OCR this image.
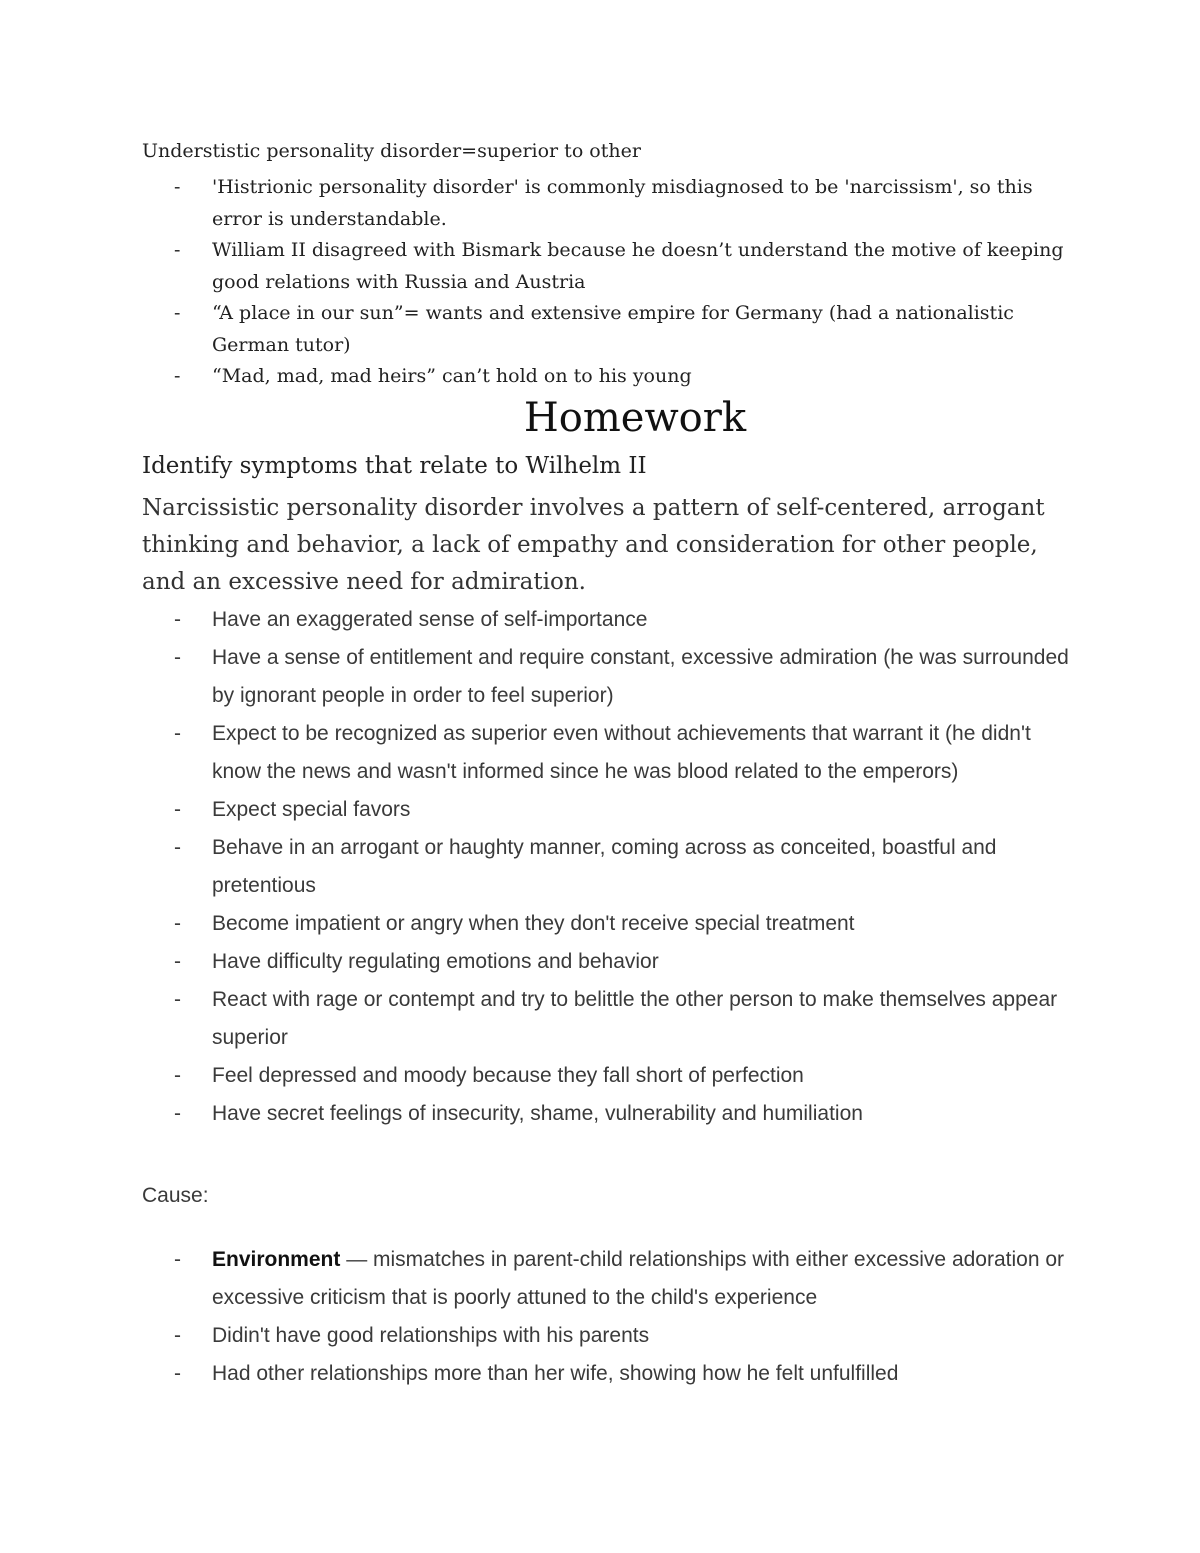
Understistic personality disorder=superior to other
- 'Histrionic personality disorder' is commonly misdiagnosed to be 'narcissism', so this error is understandable.
- William II disagreed with Bismark because he doesn’t understand the motive of keeping good relations with Russia and Austria
- “A place in our sun”= wants and extensive empire for Germany (had a nationalistic German tutor)
- “Mad, mad, mad heirs” can’t hold on to his young
Homework
Identify symptoms that relate to Wilhelm II
Narcissistic personality disorder involves a pattern of self-centered, arrogant thinking and behavior, a lack of empathy and consideration for other people, and an excessive need for admiration.
- Have an exaggerated sense of self-importance
- Have a sense of entitlement and require constant, excessive admiration (he was surrounded by ignorant people in order to feel superior)
- Expect to be recognized as superior even without achievements that warrant it (he didn't know the news and wasn't informed since he was blood related to the emperors)
- Expect special favors
- Behave in an arrogant or haughty manner, coming across as conceited, boastful and pretentious
- Become impatient or angry when they don't receive special treatment
- Have difficulty regulating emotions and behavior
- React with rage or contempt and try to belittle the other person to make themselves appear superior
- Feel depressed and moody because they fall short of perfection
- Have secret feelings of insecurity, shame, vulnerability and humiliation
Cause:
- Environment — mismatches in parent-child relationships with either excessive adoration or excessive criticism that is poorly attuned to the child's experience
- Didin't have good relationships with his parents
- Had other relationships more than her wife, showing how he felt unfulfilled
